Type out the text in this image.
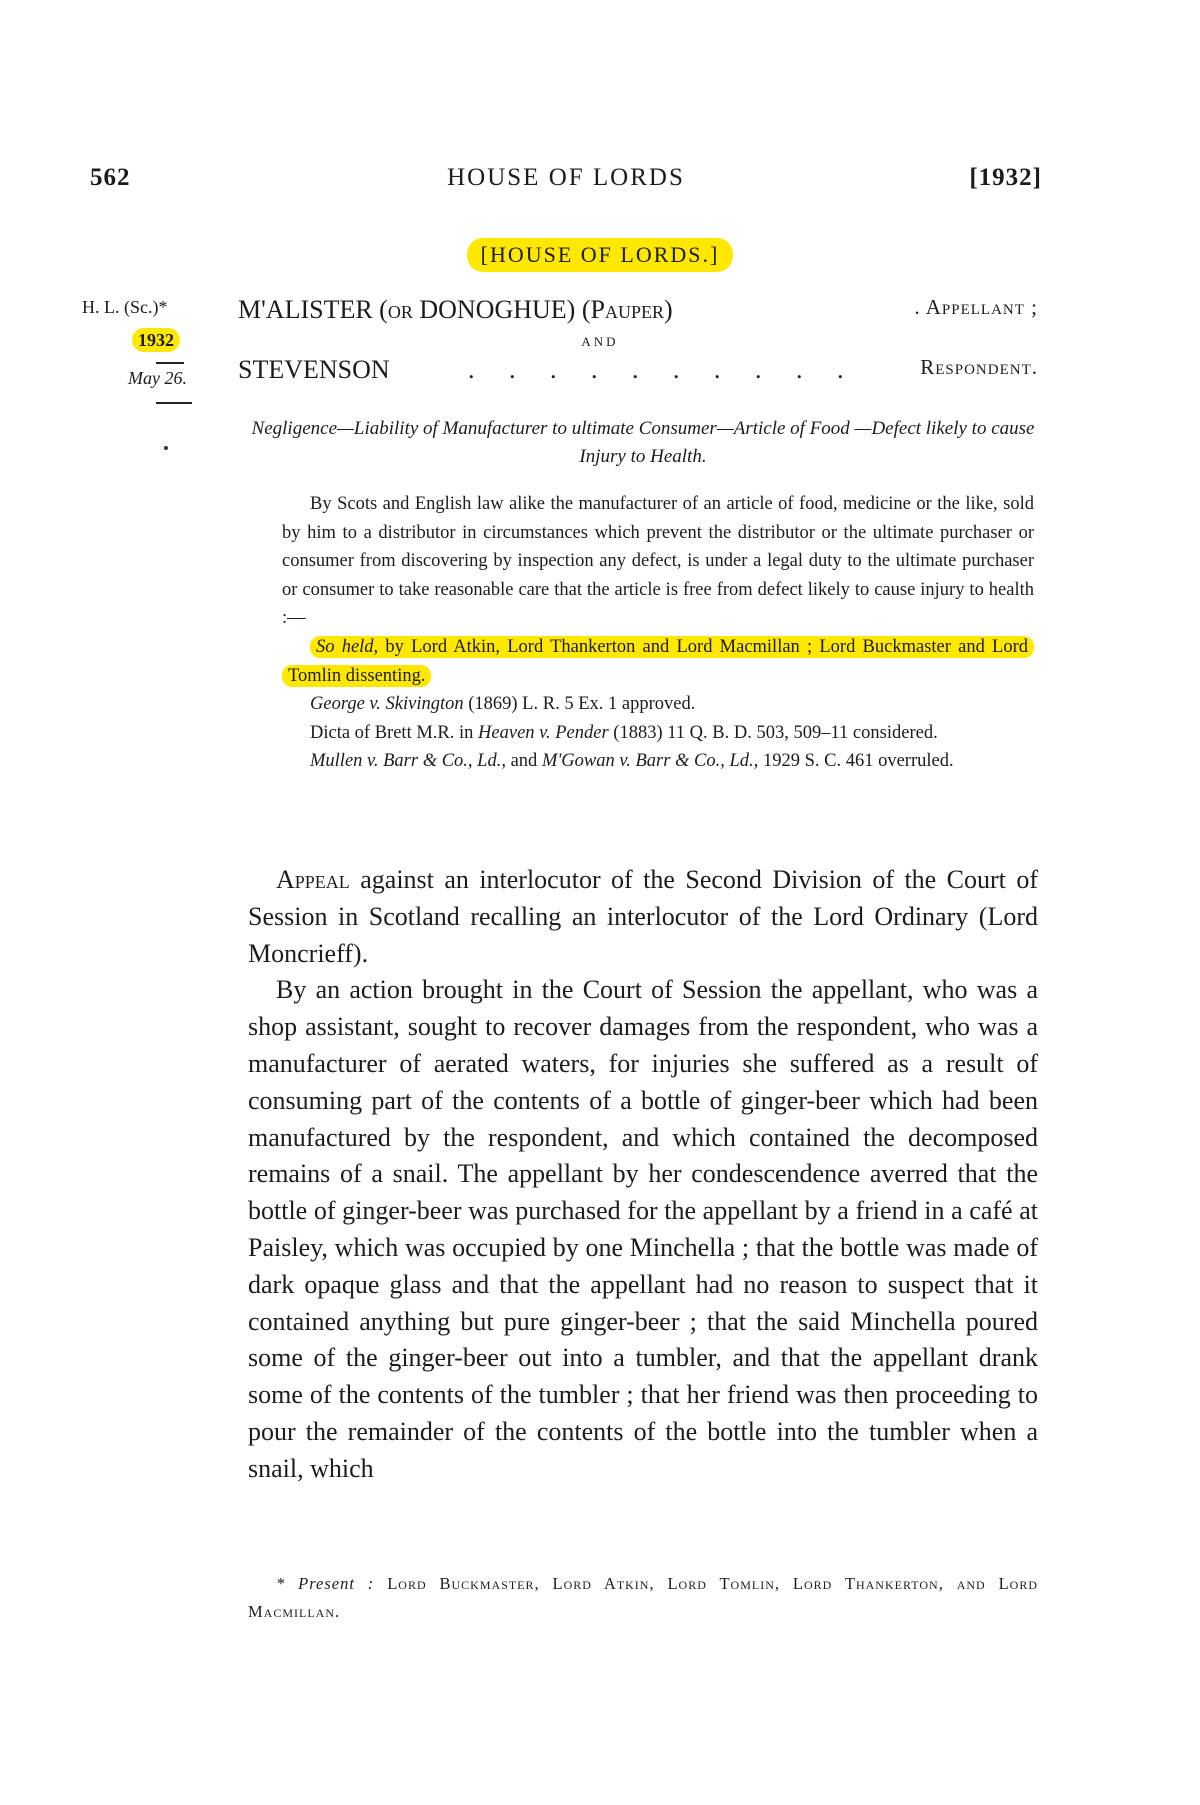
562	HOUSE OF LORDS	[1932]
[HOUSE OF LORDS.]
H. L. (Sc.)*
1932
May 26.
M'ALISTER (or DONOGHUE) (Pauper)	. Appellant ;
AND
STEVENSON	. . . . . . . . . .	Respondent.
Negligence—Liability of Manufacturer to ultimate Consumer—Article of Food —Defect likely to cause Injury to Health.

By Scots and English law alike the manufacturer of an article of food, medicine or the like, sold by him to a distributor in circumstances which prevent the distributor or the ultimate purchaser or consumer from discovering by inspection any defect, is under a legal duty to the ultimate purchaser or consumer to take reasonable care that the article is free from defect likely to cause injury to health :—

So held, by Lord Atkin, Lord Thankerton and Lord Macmillan ; Lord Buckmaster and Lord Tomlin dissenting.

George v. Skivington (1869) L. R. 5 Ex. 1 approved.

Dicta of Brett M.R. in Heaven v. Pender (1883) 11 Q. B. D. 503, 509–11 considered.

Mullen v. Barr & Co., Ld., and M'Gowan v. Barr & Co., Ld., 1929 S. C. 461 overruled.

Appeal against an interlocutor of the Second Division of the Court of Session in Scotland recalling an interlocutor of the Lord Ordinary (Lord Moncrieff).

By an action brought in the Court of Session the appellant, who was a shop assistant, sought to recover damages from the respondent, who was a manufacturer of aerated waters, for injuries she suffered as a result of consuming part of the contents of a bottle of ginger-beer which had been manufactured by the respondent, and which contained the decomposed remains of a snail. The appellant by her condescendence averred that the bottle of ginger-beer was purchased for the appellant by a friend in a café at Paisley, which was occupied by one Minchella ; that the bottle was made of dark opaque glass and that the appellant had no reason to suspect that it contained anything but pure ginger-beer ; that the said Minchella poured some of the ginger-beer out into a tumbler, and that the appellant drank some of the contents of the tumbler ; that her friend was then proceeding to pour the remainder of the contents of the bottle into the tumbler when a snail, which

* Present : Lord Buckmaster, Lord Atkin, Lord Tomlin, Lord Thankerton, and Lord Macmillan.
